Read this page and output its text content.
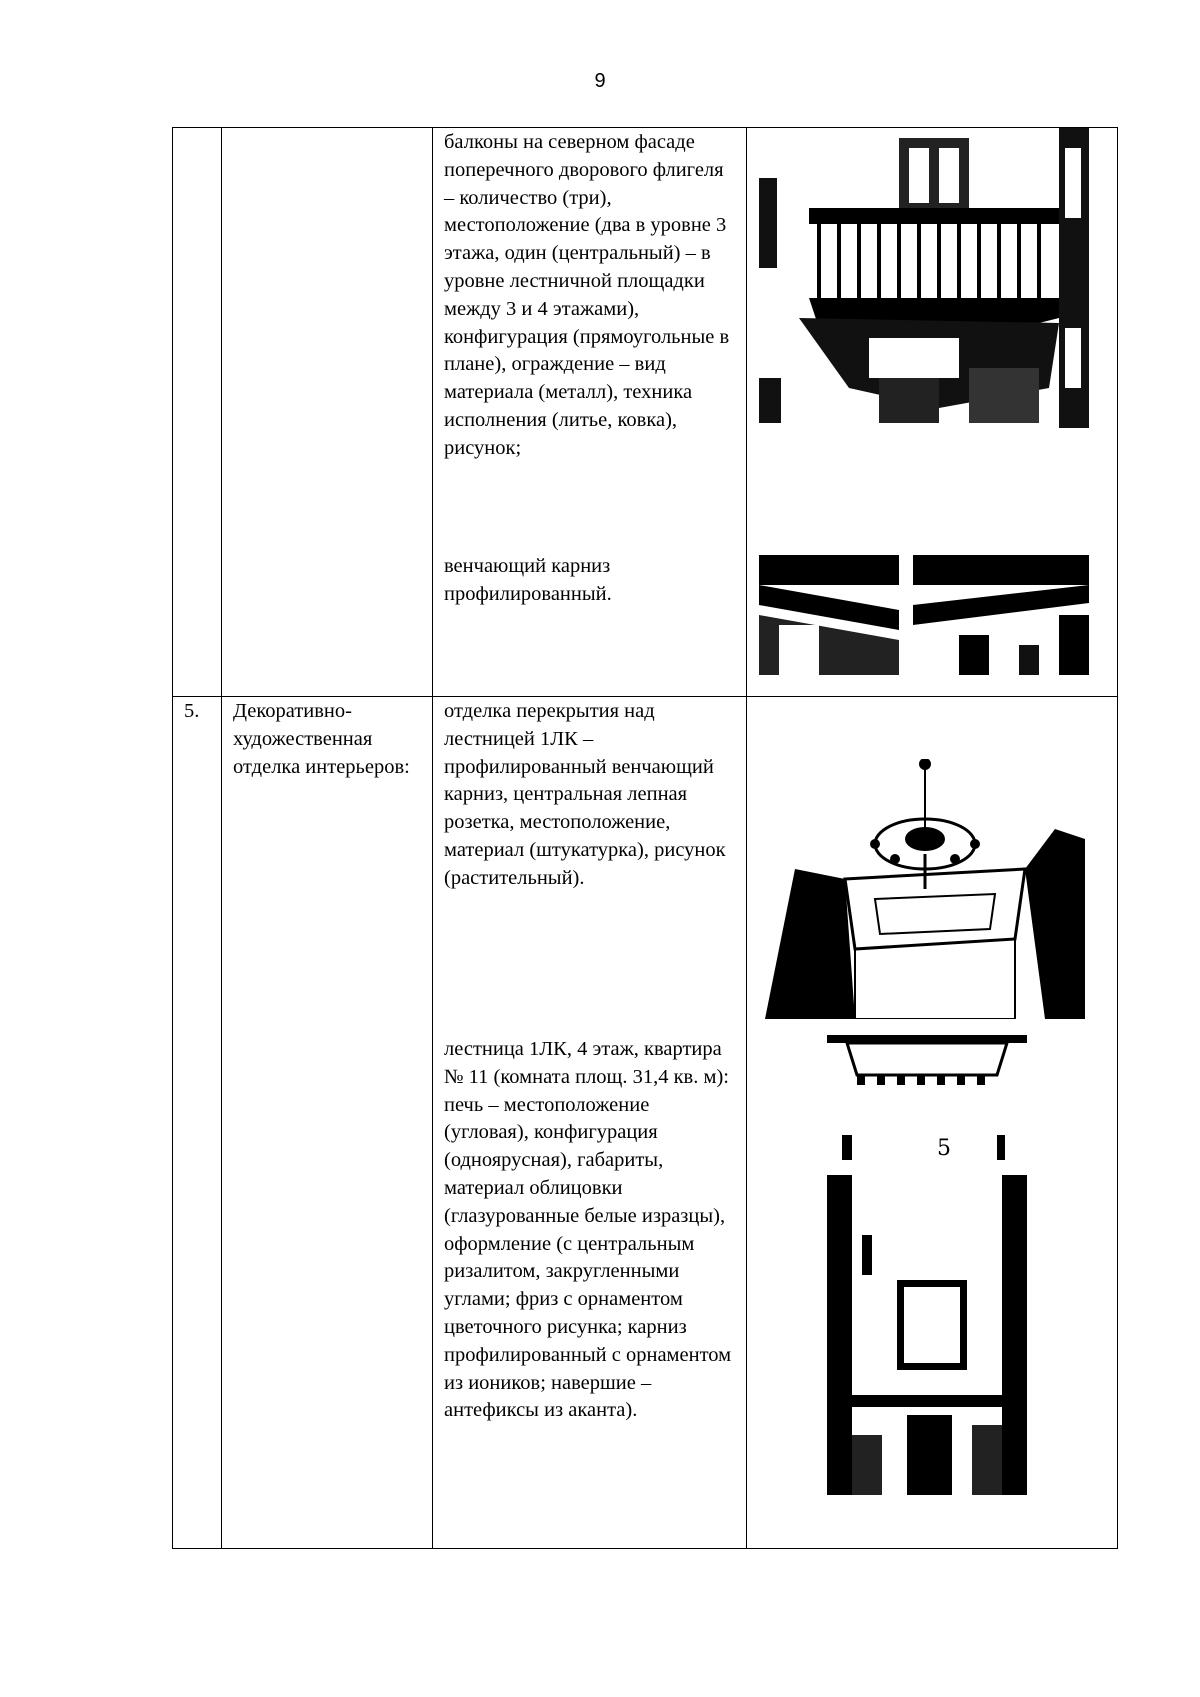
9

		балконы на северном фасаде поперечного дворового флигеля – количество (три), местоположение (два в уровне 3 этажа, один (центральный) – в уровне лестничной площадки между 3 и 4 этажами), конфигурация (прямоугольные в плане), ограждение – вид материала (металл), техника исполнения (литье, ковка), рисунок;
венчающий карниз профилированный.

5.	Декоративно-художественная отделка интерьеров:	отделка перекрытия над лестницей 1ЛК – профилированный венчающий карниз, центральная лепная розетка, местоположение, материал (штукатурка), рисунок (растительный).
лестница 1ЛК, 4 этаж, квартира № 11 (комната площ. 31,4 кв. м): печь – местоположение (угловая), конфигурация (одноярусная), габариты, материал облицовки (глазурованные белые изразцы), оформление (с центральным ризалитом, закругленными углами; фриз с орнаментом цветочного рисунка; карниз профилированный с орнаментом из иоников; навершие – антефиксы из аканта).	5
